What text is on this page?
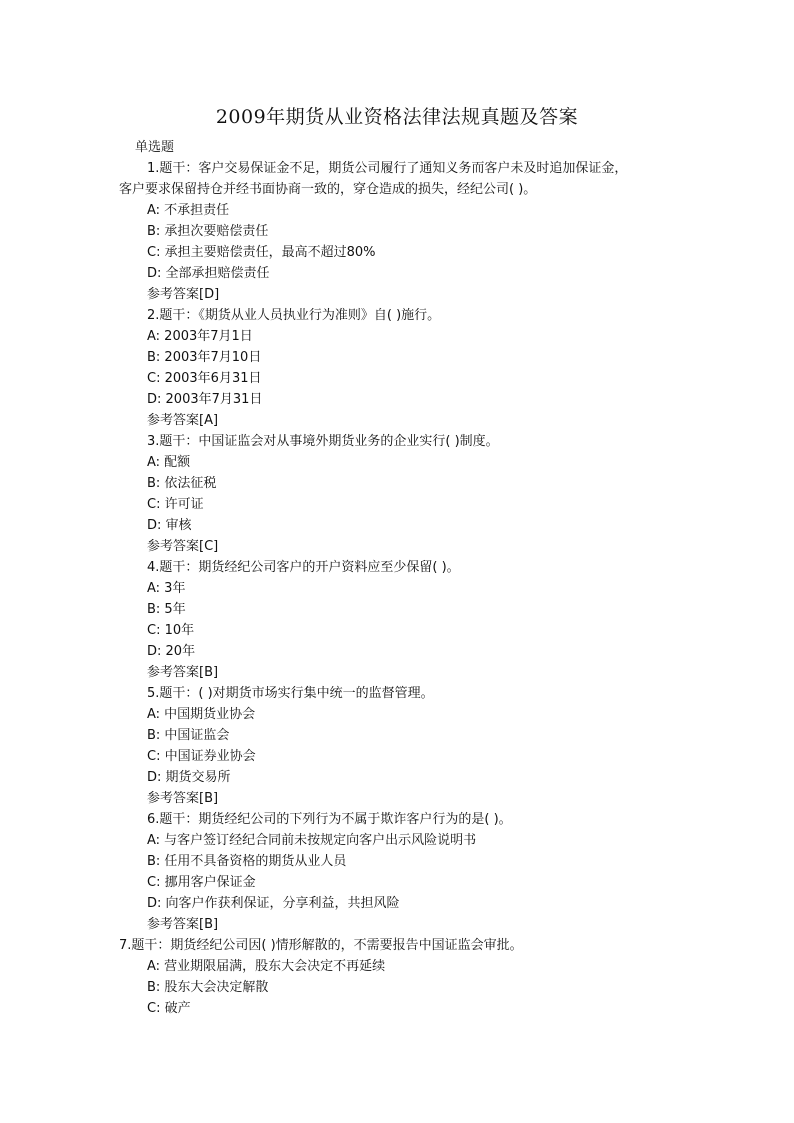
2009年期货从业资格法律法规真题及答案
单选题
1.题干：客户交易保证金不足，期货公司履行了通知义务而客户未及时追加保证金，
客户要求保留持仓并经书面协商一致的，穿仓造成的损失，经纪公司( )。
A: 不承担责任
B: 承担次要赔偿责任
C: 承担主要赔偿责任，最高不超过80%
D: 全部承担赔偿责任
参考答案[D]
2.题干：《期货从业人员执业行为准则》自( )施行。
A: 2003年7月1日
B: 2003年7月10日
C: 2003年6月31日
D: 2003年7月31日
参考答案[A]
3.题干：中国证监会对从事境外期货业务的企业实行( )制度。
A: 配额
B: 依法征税
C: 许可证
D: 审核
参考答案[C]
4.题干：期货经纪公司客户的开户资料应至少保留( )。
A: 3年
B: 5年
C: 10年
D: 20年
参考答案[B]
5.题干：( )对期货市场实行集中统一的监督管理。
A: 中国期货业协会
B: 中国证监会
C: 中国证券业协会
D: 期货交易所
参考答案[B]
6.题干：期货经纪公司的下列行为不属于欺诈客户行为的是( )。
A: 与客户签订经纪合同前未按规定向客户出示风险说明书
B: 任用不具备资格的期货从业人员
C: 挪用客户保证金
D: 向客户作获利保证，分享利益，共担风险
参考答案[B]
7.题干：期货经纪公司因( )情形解散的，不需要报告中国证监会审批。
A: 营业期限届满，股东大会决定不再延续
B: 股东大会决定解散
C: 破产
